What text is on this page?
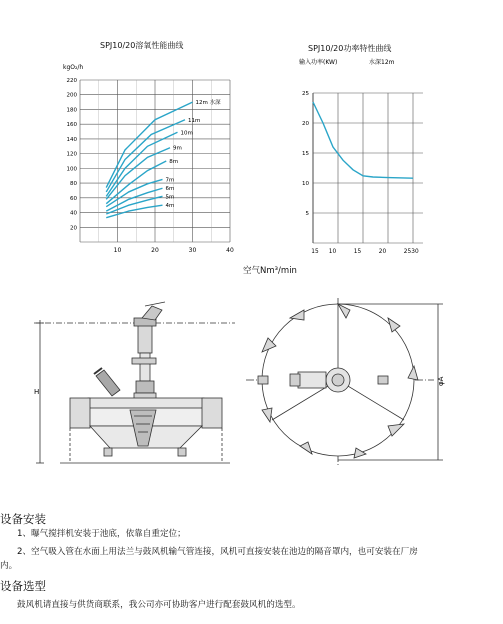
SPJ10/20溶氧性能曲线
kgO₂/h
10	20	30	40
20
40
60
80
100
120
140
160
180
200
220
4m
5m
6m
7m
8m
9m
10m
11m
12m 水深
空气Nm³/min
SPJ10/20功率特性曲线
输入功率(KW)	水深12m
15 10	15	20	25 30
5
10
15
20
25
H
φA
设备安装
1、曝气搅拌机安装于池底，依靠自重定位；
2、空气吸入管在水面上用法兰与鼓风机输气管连接，风机可直接安装在池边的隔音罩内，也可安装在厂房
内。
设备选型
鼓风机请直接与供货商联系，我公司亦可协助客户进行配套鼓风机的选型。
